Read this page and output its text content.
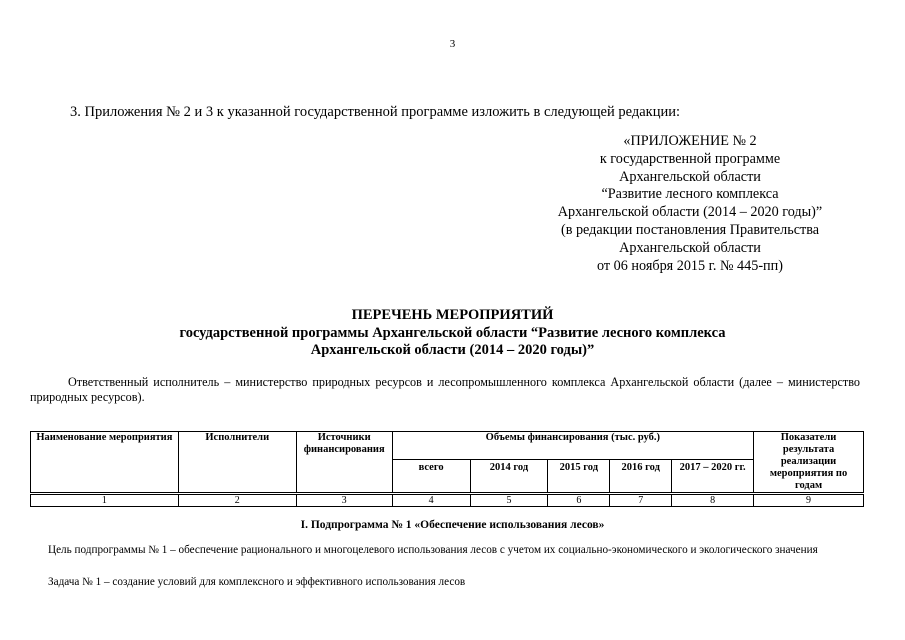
3
3. Приложения № 2 и 3 к указанной государственной программе изложить в следующей редакции:
«ПРИЛОЖЕНИЕ № 2
к государственной программе
Архангельской области
“Развитие лесного комплекса
Архангельской области (2014 – 2020 годы)”
(в редакции постановления Правительства
Архангельской области
от 06 ноября 2015 г. № 445-пп)
ПЕРЕЧЕНЬ МЕРОПРИЯТИЙ
государственной программы Архангельской области “Развитие лесного комплекса
Архангельской области (2014 – 2020 годы)”
Ответственный исполнитель – министерство природных ресурсов и лесопромышленного комплекса Архангельской области (далее – министерство природных ресурсов).
Наименование мероприятия	Исполнители	Источники финансирования	Объемы финансирования (тыс. руб.)					Показатели результата реализации мероприятия по годам
			всего	2014 год	2015 год	2016 год	2017 – 2020 гг.	

1	2	3	4	5	6	7	8	9
I. Подпрограмма № 1 «Обеспечение использования лесов»
Цель подпрограммы № 1 – обеспечение рационального и многоцелевого использования лесов с учетом их социально-экономического и экологического значения
Задача № 1 – создание условий для комплексного и эффективного использования лесов
